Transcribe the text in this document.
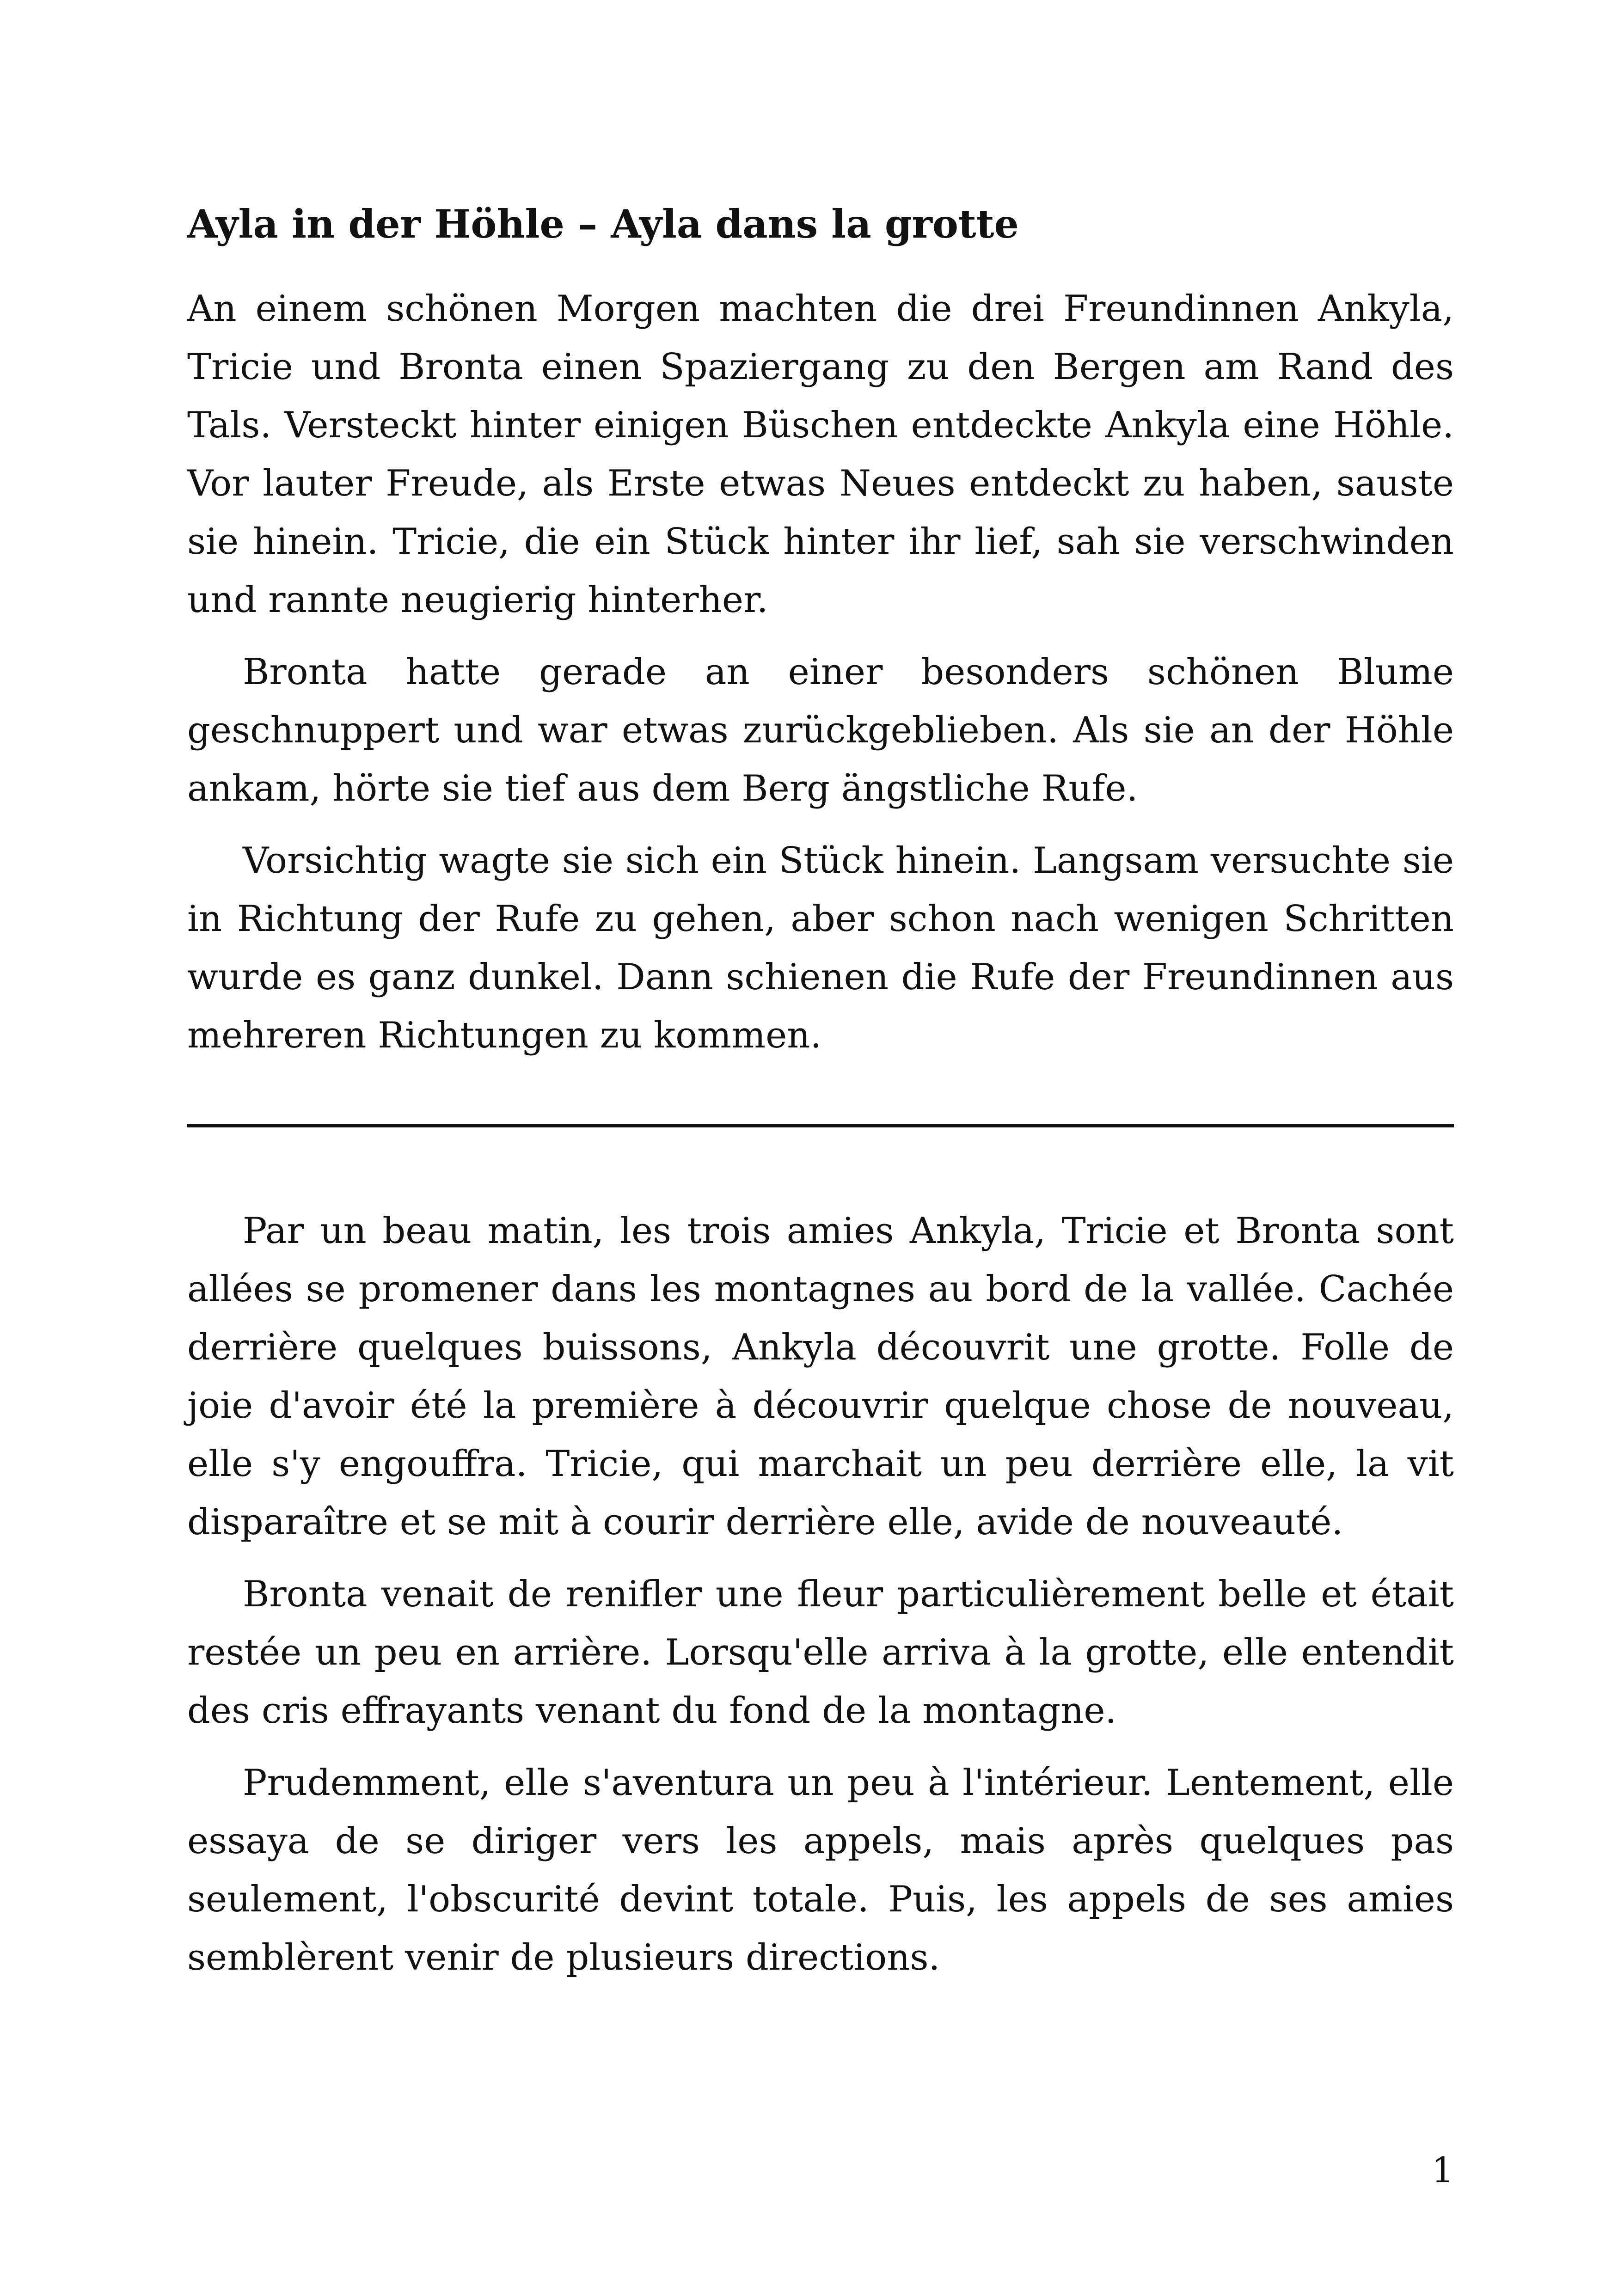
Ayla in der Höhle – Ayla dans la grotte

An einem schönen Morgen machten die drei Freundinnen Ankyla, Tricie und Bronta einen Spaziergang zu den Bergen am Rand des Tals. Versteckt hinter einigen Büschen entdeckte Ankyla eine Höhle. Vor lauter Freude, als Erste etwas Neues entdeckt zu haben, sauste sie hinein. Tricie, die ein Stück hinter ihr lief, sah sie verschwinden und rannte neugierig hinterher.

Bronta hatte gerade an einer besonders schönen Blume geschnuppert und war etwas zurückgeblieben. Als sie an der Höhle ankam, hörte sie tief aus dem Berg ängstliche Rufe.

Vorsichtig wagte sie sich ein Stück hinein. Langsam versuchte sie in Richtung der Rufe zu gehen, aber schon nach wenigen Schritten wurde es ganz dunkel. Dann schienen die Rufe der Freundinnen aus mehreren Richtungen zu kommen.

Par un beau matin, les trois amies Ankyla, Tricie et Bronta sont allées se promener dans les montagnes au bord de la vallée. Cachée derrière quelques buissons, Ankyla découvrit une grotte. Folle de joie d'avoir été la première à découvrir quelque chose de nouveau, elle s'y engouffra. Tricie, qui marchait un peu derrière elle, la vit disparaître et se mit à courir derrière elle, avide de nouveauté.

Bronta venait de renifler une fleur particulièrement belle et était restée un peu en arrière. Lorsqu'elle arriva à la grotte, elle entendit des cris effrayants venant du fond de la montagne.

Prudemment, elle s'aventura un peu à l'intérieur. Lentement, elle essaya de se diriger vers les appels, mais après quelques pas seulement, l'obscurité devint totale. Puis, les appels de ses amies semblèrent venir de plusieurs directions.

1
